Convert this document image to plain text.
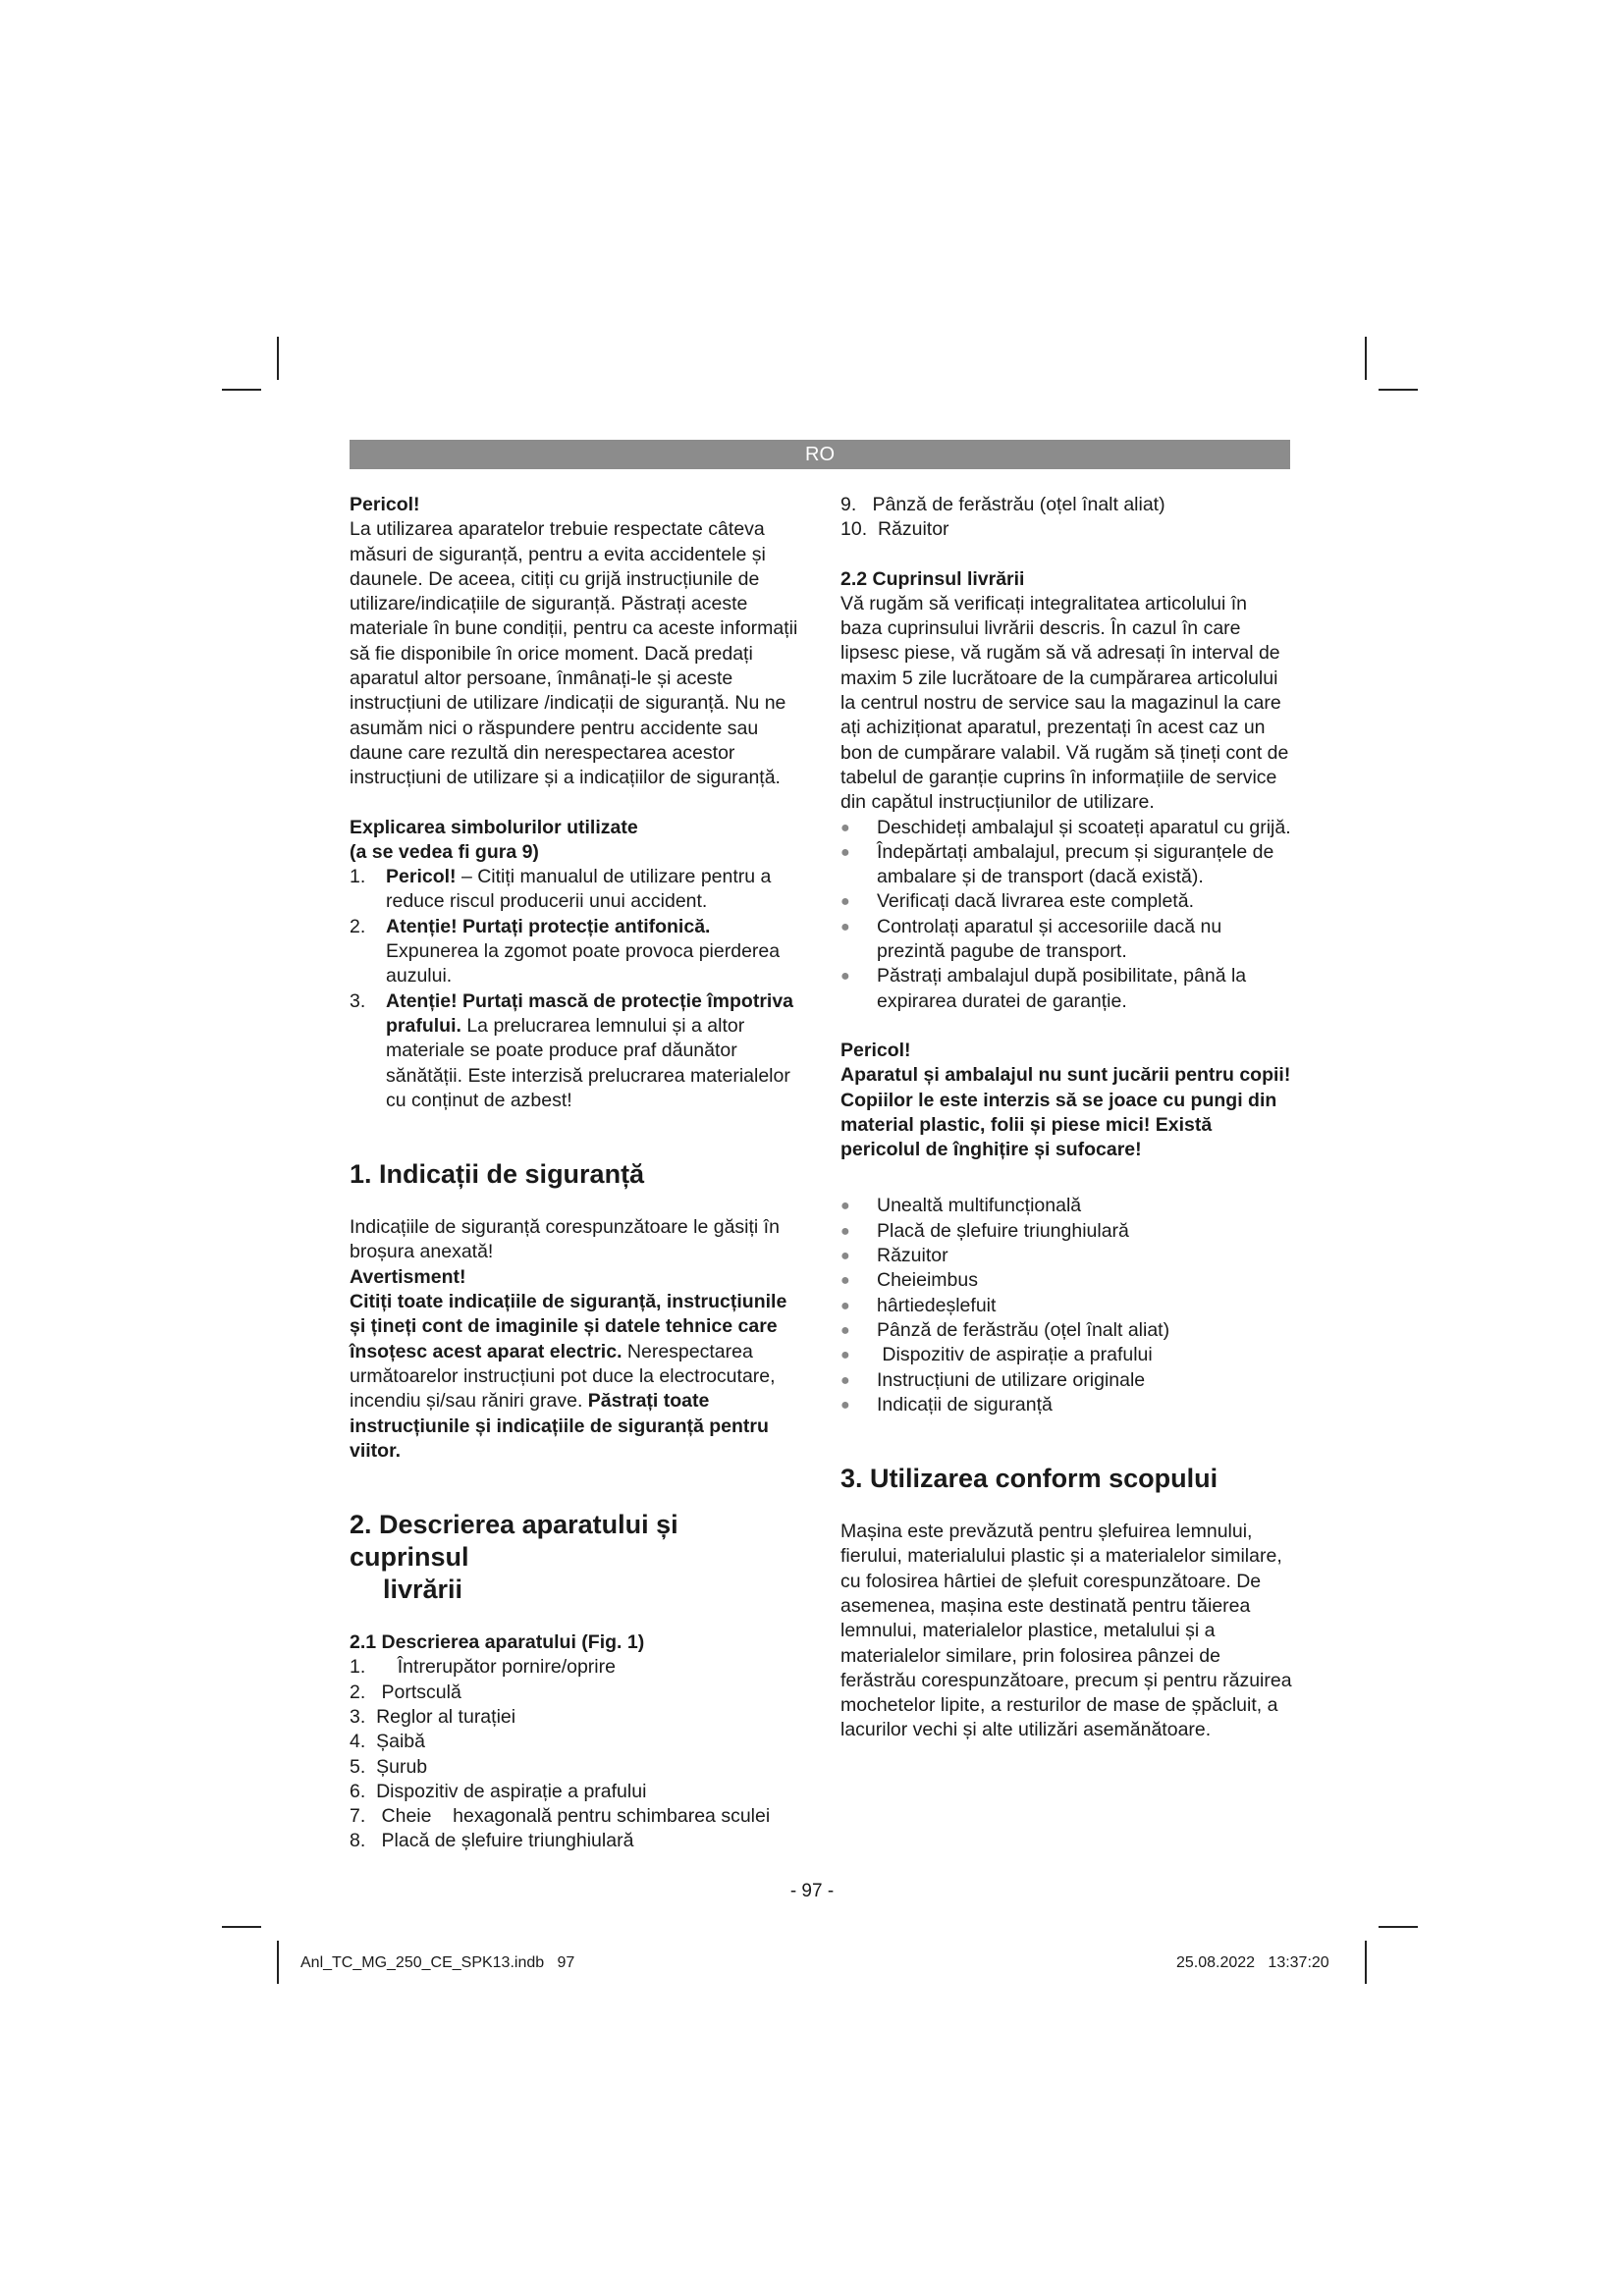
RO

Pericol!

La utilizarea aparatelor trebuie respectate câteva măsuri de siguranță, pentru a evita accidentele și daunele. De aceea, citiți cu grijă instrucțiunile de utilizare/indicațiile de siguranță. Păstrați aceste materiale în bune condiții, pentru ca aceste informații să fie disponibile în orice moment. Dacă predați aparatul altor persoane, înmânați-le și aceste instrucțiuni de utilizare /indicații de siguranță. Nu ne asumăm nici o răspundere pentru accidente sau daune care rezultă din nerespectarea acestor instrucțiuni de utilizare și a indicațiilor de siguranță.

Explicarea simbolurilor utilizate

(a se vedea fi gura 9)

1. Pericol! – Citiți manualul de utilizare pentru a reduce riscul producerii unui accident.
2. Atenție! Purtați protecție antifonică. Expunerea la zgomot poate provoca pierderea auzului.
3. Atenție! Purtați mască de protecție împotriva prafului. La prelucrarea lemnului și a altor materiale se poate produce praf dăunător sănătății. Este interzisă prelucrarea materialelor cu conținut de azbest!
1. Indicații de siguranță

Indicațiile de siguranță corespunzătoare le găsiți în broșura anexată!

Avertisment!

Citiți toate indicațiile de siguranță, instrucțiunile și țineți cont de imaginile și datele tehnice care însoțesc acest aparat electric. Nerespectarea următoarelor instrucțiuni pot duce la electrocutare, incendiu și/sau răniri grave. Păstrați toate instrucțiunile și indicațiile de siguranță pentru viitor.

2. Descrierea aparatului și cuprinsul
livrării

2.1 Descrierea aparatului (Fig. 1)

1.      Întrerupător pornire/oprire
2.   Portsculă
3.  Reglor al turației
4.  Șaibă
5.  Șurub
6.  Dispozitiv de aspirație a prafului
7.   Cheie    hexagonală pentru schimbarea sculei
8.   Placă de șlefuire triunghiulară
9.   Pânză de ferăstrău (oțel înalt aliat)
10.  Răzuitor

2.2 Cuprinsul livrării

Vă rugăm să verificați integralitatea articolului în baza cuprinsului livrării descris. În cazul în care lipsesc piese, vă rugăm să vă adresați în interval de maxim 5 zile lucrătoare de la cumpărarea articolului la centrul nostru de service sau la magazinul la care ați achiziționat aparatul, prezentați în acest caz un bon de cumpărare valabil. Vă rugăm să țineți cont de tabelul de garanție cuprins în informațiile de service din capătul instrucțiunilor de utilizare.

● Deschideți ambalajul și scoateți aparatul cu grijă.
● Îndepărtați ambalajul, precum și siguranțele de ambalare și de transport (dacă există).
● Verificați dacă livrarea este completă.
● Controlați aparatul și accesoriile dacă nu prezintă pagube de transport.
● Păstrați ambalajul după posibilitate, până la expirarea duratei de garanție.

Pericol!

Aparatul și ambalajul nu sunt jucării pentru copii! Copiilor le este interzis să se joace cu pungi din material plastic, folii și piese mici! Există pericolul de înghițire și sufocare!

● Unealtă multifuncțională
● Placă de șlefuire triunghiulară
● Răzuitor
● Cheieimbus
● hârtiedeșlefuit
● Pânză de ferăstrău (oțel înalt aliat)
● Dispozitiv de aspirație a prafului
● Instrucțiuni de utilizare originale
● Indicații de siguranță
3. Utilizarea conform scopului

Mașina este prevăzută pentru șlefuirea lemnului, fierului, materialului plastic și a materialelor similare, cu folosirea hârtiei de șlefuit corespunzătoare. De asemenea, mașina este destinată pentru tăierea lemnului, materialelor plastice, metalului și a materialelor similare, prin folosirea pânzei de ferăstrău corespunzătoare, precum și pentru răzuirea mochetelor lipite, a resturilor de mase de șpăcluit, a lacurilor vechi și alte utilizări asemănătoare.

- 97 -
Anl_TC_MG_250_CE_SPK13.indb   97	25.08.2022   13:37:20
